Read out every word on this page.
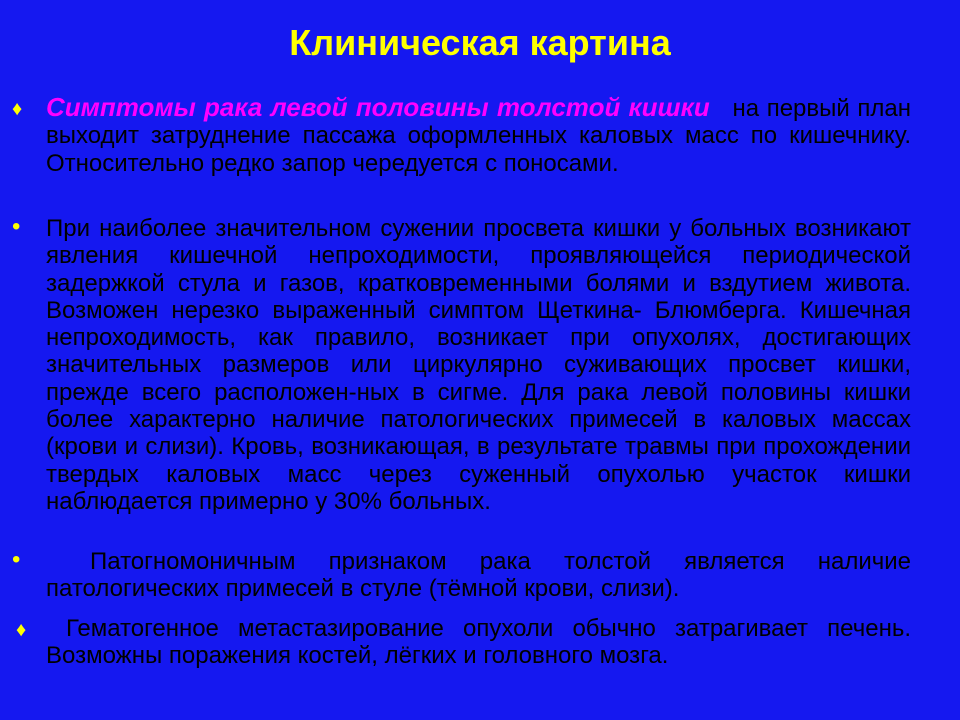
Клиническая картина
♦ Симптомы рака левой половины толстой кишки на первый план выходит затруднение пассажа оформленных каловых масс по кишечнику. Относительно редко запор чередуется с поносами.
• При наиболее значительном сужении просвета кишки у больных возникают явления кишечной непроходимости, проявляющейся периодической задержкой стула и газов, кратковременными болями и вздутием живота. Возможен нерезко выраженный симптом Щеткина- Блюмберга. Кишечная непроходимость, как правило, возникает при опухолях, достигающих значительных размеров или циркулярно суживающих просвет кишки, прежде всего расположен-ных в сигме. Для рака левой половины кишки более характерно наличие патологических примесей в каловых массах (крови и слизи). Кровь, возникающая, в результате травмы при прохождении твердых каловых масс через суженный опухолью участок кишки наблюдается примерно у 30% больных.
•	Патогномоничным признаком рака толстой является наличие патологических примесей в стуле (тёмной крови, слизи).
♦	Гематогенное метастазирование опухоли обычно затрагивает печень. Возможны поражения костей, лёгких и головного мозга.
